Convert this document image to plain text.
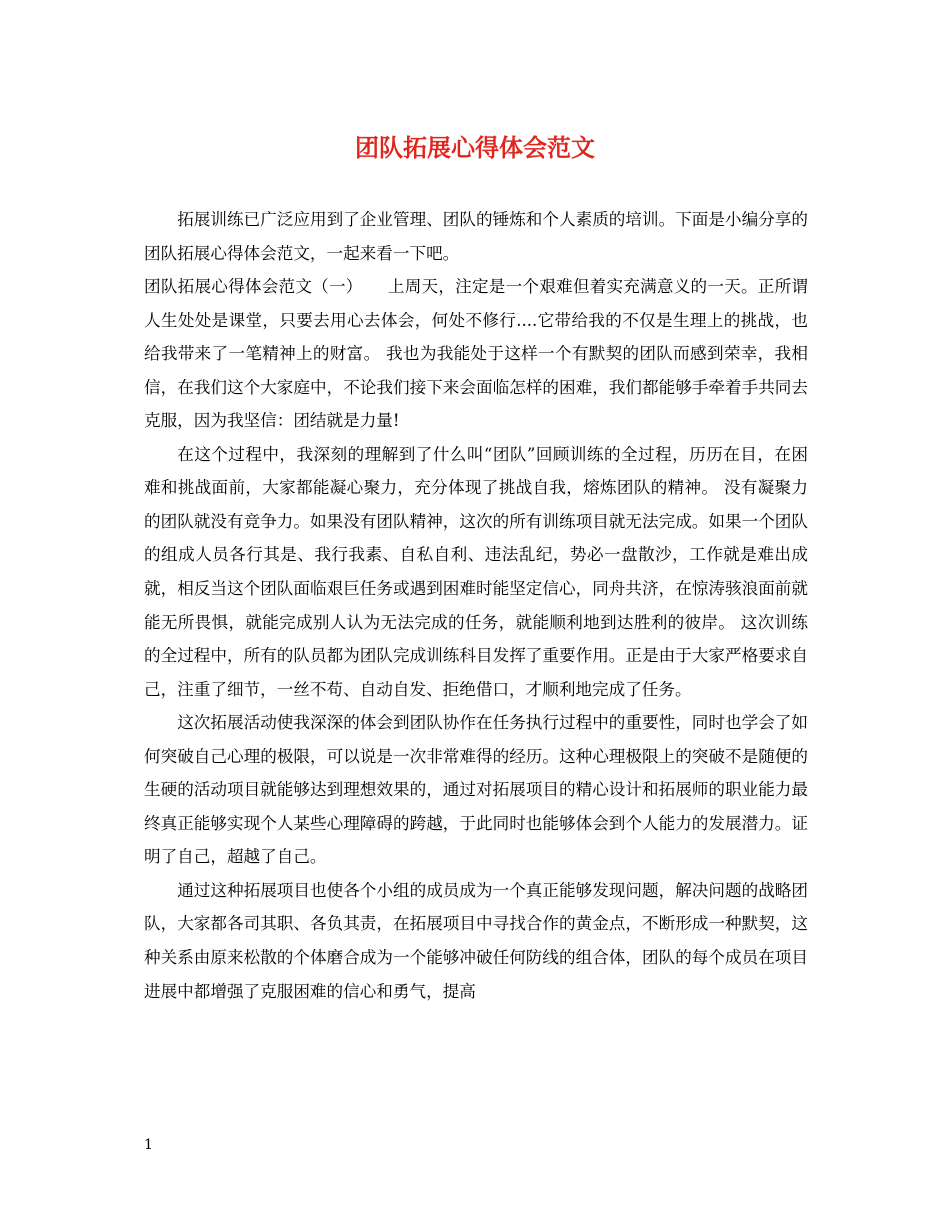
团队拓展心得体会范文

拓展训练已广泛应用到了企业管理、团队的锤炼和个人素质的培训。下面是小编分享的团队拓展心得体会范文，一起来看一下吧。

团队拓展心得体会范文（一）　　上周天，注定是一个艰难但着实充满意义的一天。正所谓人生处处是课堂，只要去用心去体会，何处不修行....它带给我的不仅是生理上的挑战，也给我带来了一笔精神上的财富。 我也为我能处于这样一个有默契的团队而感到荣幸，我相信，在我们这个大家庭中，不论我们接下来会面临怎样的困难，我们都能够手牵着手共同去克服，因为我坚信：团结就是力量!

在这个过程中，我深刻的理解到了什么叫“团队”回顾训练的全过程，历历在目，在困难和挑战面前，大家都能凝心聚力，充分体现了挑战自我，熔炼团队的精神。 没有凝聚力的团队就没有竞争力。如果没有团队精神，这次的所有训练项目就无法完成。如果一个团队的组成人员各行其是、我行我素、自私自利、违法乱纪，势必一盘散沙，工作就是难出成就，相反当这个团队面临艰巨任务或遇到困难时能坚定信心，同舟共济，在惊涛骇浪面前就能无所畏惧，就能完成别人认为无法完成的任务，就能顺利地到达胜利的彼岸。 这次训练的全过程中，所有的队员都为团队完成训练科目发挥了重要作用。正是由于大家严格要求自己，注重了细节，一丝不苟、自动自发、拒绝借口，才顺利地完成了任务。

这次拓展活动使我深深的体会到团队协作在任务执行过程中的重要性，同时也学会了如何突破自己心理的极限，可以说是一次非常难得的经历。这种心理极限上的突破不是随便的生硬的活动项目就能够达到理想效果的，通过对拓展项目的精心设计和拓展师的职业能力最终真正能够实现个人某些心理障碍的跨越，于此同时也能够体会到个人能力的发展潜力。证明了自己，超越了自己。

通过这种拓展项目也使各个小组的成员成为一个真正能够发现问题，解决问题的战略团队，大家都各司其职、各负其责，在拓展项目中寻找合作的黄金点，不断形成一种默契，这种关系由原来松散的个体磨合成为一个能够冲破任何防线的组合体，团队的每个成员在项目进展中都增强了克服困难的信心和勇气，提高

1
